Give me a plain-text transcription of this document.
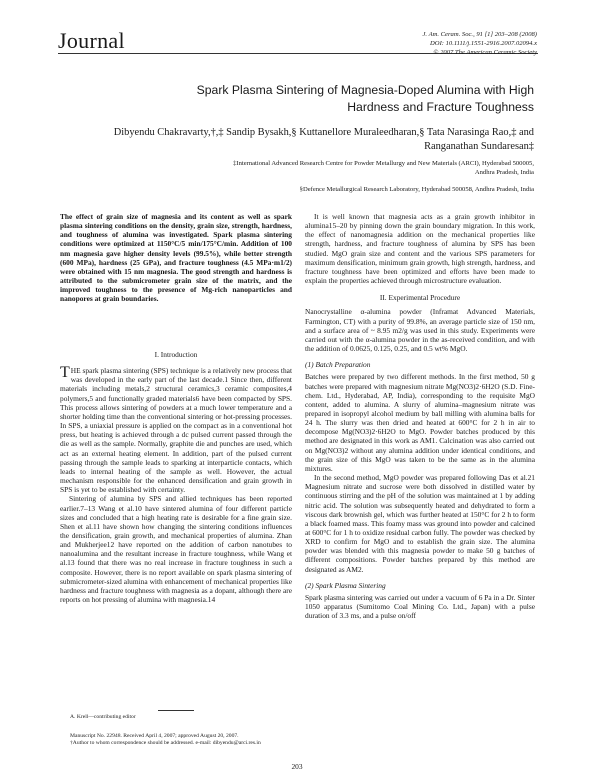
Journal	J. Am. Ceram. Soc., 91 [1] 203–208 (2008)
DOI: 10.1111/j.1551-2916.2007.02094.x
© 2007 The American Ceramic Society
Spark Plasma Sintering of Magnesia-Doped Alumina with High
Hardness and Fracture Toughness
Dibyendu Chakravarty,†,‡ Sandip Bysakh,§ Kuttanellore Muraleedharan,§ Tata Narasinga Rao,‡ and
Ranganathan Sundaresan‡
‡International Advanced Research Centre for Powder Metallurgy and New Materials (ARCI), Hyderabad 500005,
Andhra Pradesh, India
§Defence Metallurgical Research Laboratory, Hyderabad 500058, Andhra Pradesh, India
The effect of grain size of magnesia and its content as well as spark plasma sintering conditions on the density, grain size, strength, hardness, and toughness of alumina was investigated. Spark plasma sintering conditions were optimized at 1150°C/5 min/175°C/min. Addition of 100 nm magnesia gave higher density levels (99.5%), while better strength (600 MPa), hardness (25 GPa), and fracture toughness (4.5 MPa·m1/2) were obtained with 15 nm magnesia. The good strength and hardness is attributed to the submicrometer grain size of the matrix, and the improved toughness to the presence of Mg-rich nanoparticles and nanopores at grain boundaries.

I. Introduction

THE spark plasma sintering (SPS) technique is a relatively new process that was developed in the early part of the last decade.1 Since then, different materials including metals,2 structural ceramics,3 ceramic composites,4 polymers,5 and functionally graded materials6 have been compacted by SPS. This process allows sintering of powders at a much lower temperature and a shorter holding time than the conventional sintering or hot-pressing processes. In SPS, a uniaxial pressure is applied on the compact as in a conventional hot press, but heating is achieved through a dc pulsed current passed through the die as well as the sample. Normally, graphite die and punches are used, which act as an external heating element. In addition, part of the pulsed current passing through the sample leads to sparking at interparticle contacts, which leads to internal heating of the sample as well. However, the actual mechanism responsible for the enhanced densification and grain growth in SPS is yet to be established with certainty.

Sintering of alumina by SPS and allied techniques has been reported earlier.7–13 Wang et al.10 have sintered alumina of four different particle sizes and concluded that a high heating rate is desirable for a fine grain size. Shen et al.11 have shown how changing the sintering conditions influences the densification, grain growth, and mechanical properties of alumina. Zhan and Mukherjee12 have reported on the addition of carbon nanotubes to nanoalumina and the resultant increase in fracture toughness, while Wang et al.13 found that there was no real increase in fracture toughness in such a composite. However, there is no report available on spark plasma sintering of submicrometer-sized alumina with enhancement of mechanical properties like hardness and fracture toughness with magnesia as a dopant, although there are reports on hot pressing of alumina with magnesia.14

A. Krell—contributing editor

Manuscript No. 22948. Received April 4, 2007; approved August 20, 2007.

†Author to whom correspondence should be addressed. e-mail: dibyendu@arci.res.in

It is well known that magnesia acts as a grain growth inhibitor in alumina15–20 by pinning down the grain boundary migration. In this work, the effect of nanomagnesia addition on the mechanical properties like strength, hardness, and fracture toughness of alumina by SPS has been studied. MgO grain size and content and the various SPS parameters for maximum densification, minimum grain growth, high strength, hardness, and fracture toughness have been optimized and efforts have been made to explain the properties achieved through microstructure evaluation.

II. Experimental Procedure

Nanocrystalline α-alumina powder (Inframat Advanced Materials, Farmington, CT) with a purity of 99.8%, an average particle size of 150 nm, and a surface area of ~ 8.95 m2/g was used in this study. Experiments were carried out with the α-alumina powder in the as-received condition, and with the addition of 0.0625, 0.125, 0.25, and 0.5 wt% MgO.

(1) Batch Preparation

Batches were prepared by two different methods. In the first method, 50 g batches were prepared with magnesium nitrate Mg(NO3)2·6H2O (S.D. Fine-chem. Ltd., Hyderabad, AP, India), corresponding to the requisite MgO content, added to alumina. A slurry of alumina–magnesium nitrate was prepared in isopropyl alcohol medium by ball milling with alumina balls for 24 h. The slurry was then dried and heated at 600°C for 2 h in air to decompose Mg(NO3)2·6H2O to MgO. Powder batches produced by this method are designated in this work as AM1. Calcination was also carried out on Mg(NO3)2 without any alumina addition under identical conditions, and the grain size of this MgO was taken to be the same as in the alumina mixtures.

In the second method, MgO powder was prepared following Das et al.21 Magnesium nitrate and sucrose were both dissolved in distilled water by continuous stirring and the pH of the solution was maintained at 1 by adding nitric acid. The solution was subsequently heated and dehydrated to form a viscous dark brownish gel, which was further heated at 150°C for 2 h to form a black foamed mass. This foamy mass was ground into powder and calcined at 600°C for 1 h to oxidize residual carbon fully. The powder was checked by XRD to confirm for MgO and to establish the grain size. The alumina powder was blended with this magnesia powder to make 50 g batches of different compositions. Powder batches prepared by this method are designated as AM2.

(2) Spark Plasma Sintering

Spark plasma sintering was carried out under a vacuum of 6 Pa in a Dr. Sinter 1050 apparatus (Sumitomo Coal Mining Co. Ltd., Japan) with a pulse duration of 3.3 ms, and a pulse on/off

203
